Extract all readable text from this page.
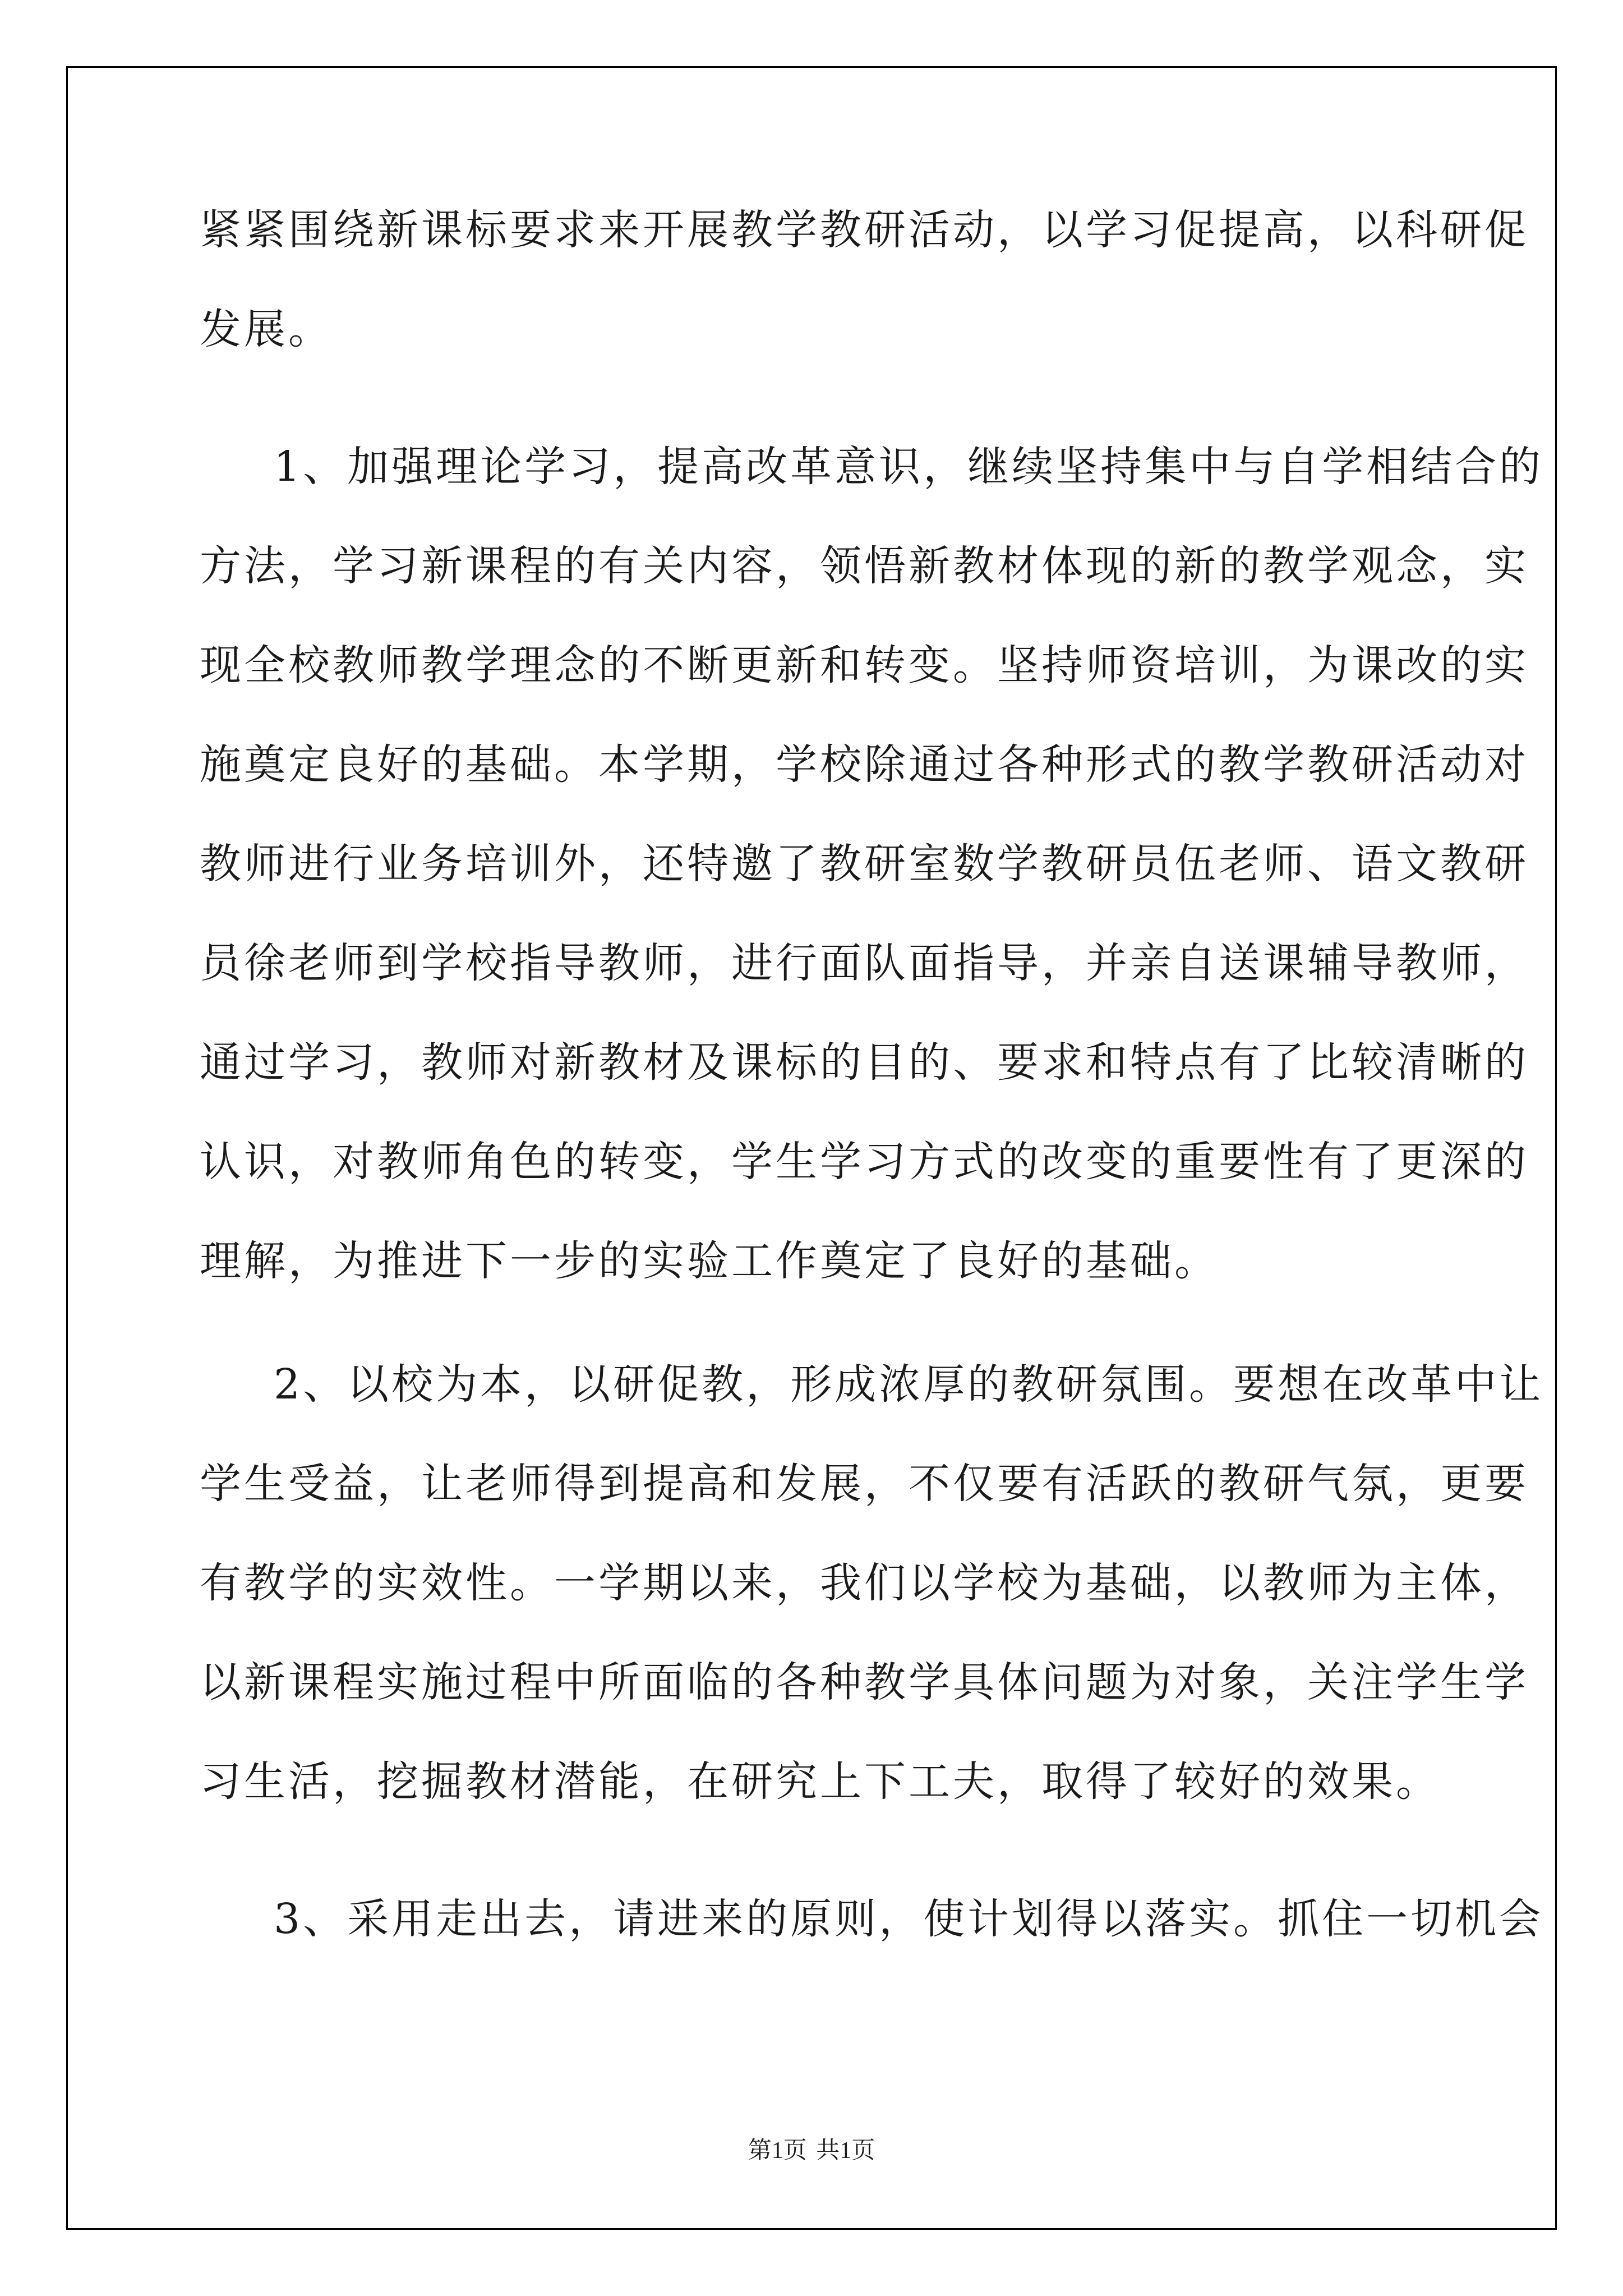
紧紧围绕新课标要求来开展教学教研活动，以学习促提高，以科研促
发展。
1、加强理论学习，提高改革意识，继续坚持集中与自学相结合的
方法，学习新课程的有关内容，领悟新教材体现的新的教学观念，实
现全校教师教学理念的不断更新和转变。坚持师资培训，为课改的实
施奠定良好的基础。本学期，学校除通过各种形式的教学教研活动对
教师进行业务培训外，还特邀了教研室数学教研员伍老师、语文教研
员徐老师到学校指导教师，进行面队面指导，并亲自送课辅导教师，
通过学习，教师对新教材及课标的目的、要求和特点有了比较清晰的
认识，对教师角色的转变，学生学习方式的改变的重要性有了更深的
理解，为推进下一步的实验工作奠定了良好的基础。
2、以校为本，以研促教，形成浓厚的教研氛围。要想在改革中让
学生受益，让老师得到提高和发展，不仅要有活跃的教研气氛，更要
有教学的实效性。一学期以来，我们以学校为基础，以教师为主体，
以新课程实施过程中所面临的各种教学具体问题为对象，关注学生学
习生活，挖掘教材潜能，在研究上下工夫，取得了较好的效果。
3、采用走出去，请进来的原则，使计划得以落实。抓住一切机会
第1页 共1页
